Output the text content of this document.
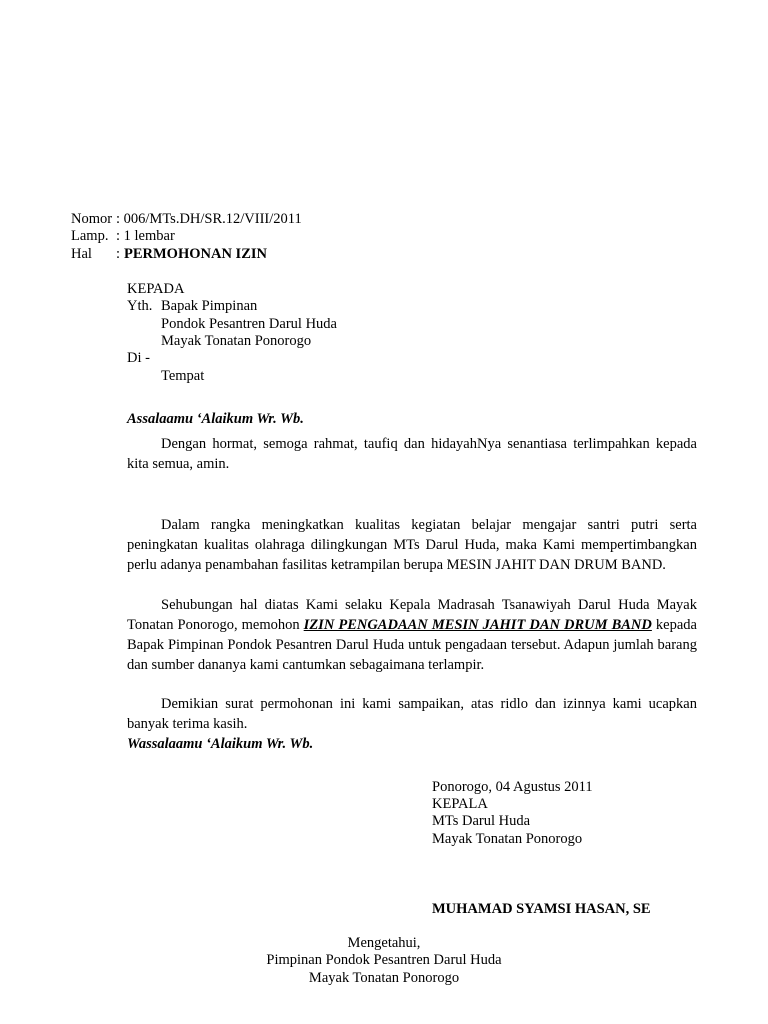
Nomor : 006/MTs.DH/SR.12/VIII/2011
Lamp. : 1 lembar
Hal : PERMOHONAN IZIN
KEPADA
Yth. Bapak Pimpinan
Pondok Pesantren Darul Huda
Mayak Tonatan Ponorogo
Di -
Tempat
Assalaamu ‘Alaikum Wr. Wb.
Dengan hormat, semoga rahmat, taufiq dan hidayahNya senantiasa terlimpahkan kepada kita semua, amin.
Dalam rangka meningkatkan kualitas kegiatan belajar mengajar santri putri serta peningkatan kualitas olahraga dilingkungan MTs Darul Huda, maka Kami mempertimbangkan perlu adanya penambahan fasilitas ketrampilan berupa MESIN JAHIT DAN DRUM BAND.
Sehubungan hal diatas Kami selaku Kepala Madrasah Tsanawiyah Darul Huda Mayak Tonatan Ponorogo, memohon IZIN PENGADAAN MESIN JAHIT DAN DRUM BAND kepada Bapak Pimpinan Pondok Pesantren Darul Huda untuk pengadaan tersebut. Adapun jumlah barang dan sumber dananya kami cantumkan sebagaimana terlampir.
Demikian surat permohonan ini kami sampaikan, atas ridlo dan izinnya kami ucapkan banyak terima kasih.
Wassalaamu ‘Alaikum Wr. Wb.
Ponorogo, 04 Agustus 2011
KEPALA
MTs Darul Huda
Mayak Tonatan Ponorogo
MUHAMAD SYAMSI HASAN, SE
Mengetahui,
Pimpinan Pondok Pesantren Darul Huda
Mayak Tonatan Ponorogo
